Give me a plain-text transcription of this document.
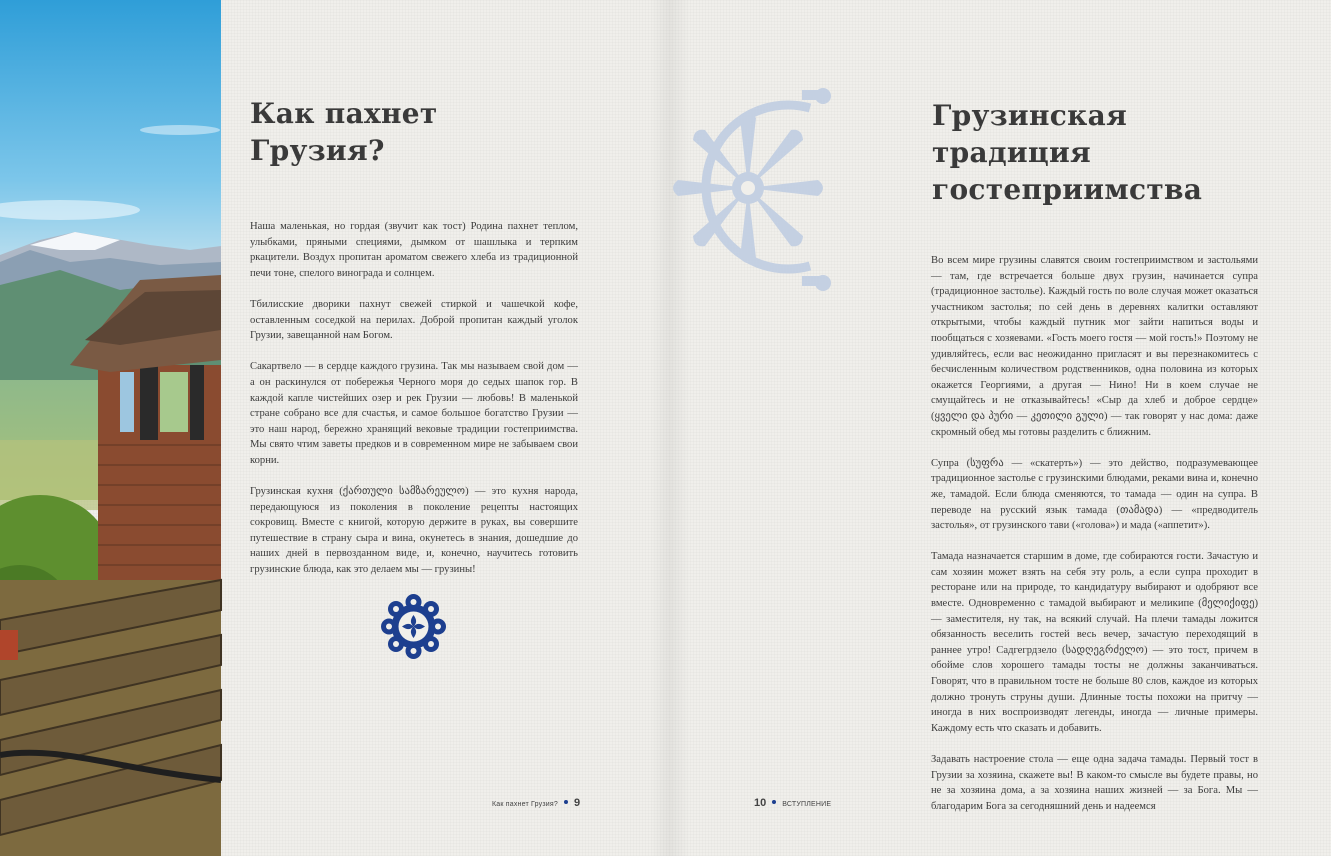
Как пахнет
Грузия?

Наша маленькая, но гордая (звучит как тост) Родина пахнет теплом, улыбками, пряными специями, дымком от шашлыка и терпким ркацители. Воздух пропитан ароматом свежего хлеба из традиционной печи тоне, спелого винограда и солнцем.

Тбилисские дворики пахнут свежей стиркой и чашечкой кофе, оставленным соседкой на перилах. Доброй пропитан каждый уголок Грузии, завещанной нам Богом.

Сакартвело — в сердце каждого грузина. Так мы называем свой дом — а он раскинулся от побережья Черного моря до седых шапок гор. В каждой капле чистейших озер и рек Грузии — любовь! В маленькой стране собрано все для счастья, и самое большое богатство Грузии — это наш народ, бережно хранящий вековые традиции гостеприимства. Мы свято чтим заветы предков и в современном мире не забываем свои корни.

Грузинская кухня (ქართული სამზარეულო) — это кухня народа, передающуюся из поколения в поколение рецепты настоящих сокровищ. Вместе с книгой, которую держите в руках, вы совершите путешествие в страну сыра и вина, окунетесь в знания, дошедшие до наших дней в первозданном виде, и, конечно, научитесь готовить грузинские блюда, как это делаем мы — грузины!

Как пахнет Грузия? 9
Грузинская
традиция
гостеприимства

Во всем мире грузины славятся своим гостеприимством и застольями — там, где встречается больше двух грузин, начинается супра (традиционное застолье). Каждый гость по воле случая может оказаться участником застолья; по сей день в деревнях калитки оставляют открытыми, чтобы каждый путник мог зайти напиться воды и пообщаться с хозяевами. «Гость моего гостя — мой гость!» Поэтому не удивляйтесь, если вас неожиданно пригласят и вы перезнакомитесь с бесчисленным количеством родственников, одна половина из которых окажется Георгиями, а другая — Нино! Ни в коем случае не смущайтесь и не отказывайтесь! «Сыр да хлеб и доброе сердце» (ყველი და პური — კეთილი გული) — так говорят у нас дома: даже скромный обед мы готовы разделить с ближним.

Супра (სუფრა — «скатерть») — это действо, подразумевающее традиционное застолье с грузинскими блюдами, реками вина и, конечно же, тамадой. Если блюда сменяются, то тамада — один на супра. В переводе на русский язык тамада (თამადა) — «предводитель застолья», от грузинского тави («голова») и мада («аппетит»).

Тамада назначается старшим в доме, где собираются гости. Зачастую и сам хозяин может взять на себя эту роль, а если супра проходит в ресторане или на природе, то кандидатуру выбирают и одобряют все вместе. Одновременно с тамадой выбирают и меликипе (მელიქიფე) — заместителя, ну так, на всякий случай. На плечи тамады ложится обязанность веселить гостей весь вечер, зачастую переходящий в раннее утро! Садгегрдзело (სადღეგრძელო) — это тост, причем в обойме слов хорошего тамады тосты не должны заканчиваться. Говорят, что в правильном тосте не больше 80 слов, каждое из которых должно тронуть струны души. Длинные тосты похожи на притчу — иногда в них воспроизводят легенды, иногда — личные примеры. Каждому есть что сказать и добавить.

Задавать настроение стола — еще одна задача тамады. Первый тост в Грузии за хозяина, скажете вы! В каком-то смысле вы будете правы, но не за хозяина дома, а за хозяина наших жизней — за Бога. Мы — благодарим Бога за сегодняшний день и надеемся

10 ВСТУПЛЕНИЕ
